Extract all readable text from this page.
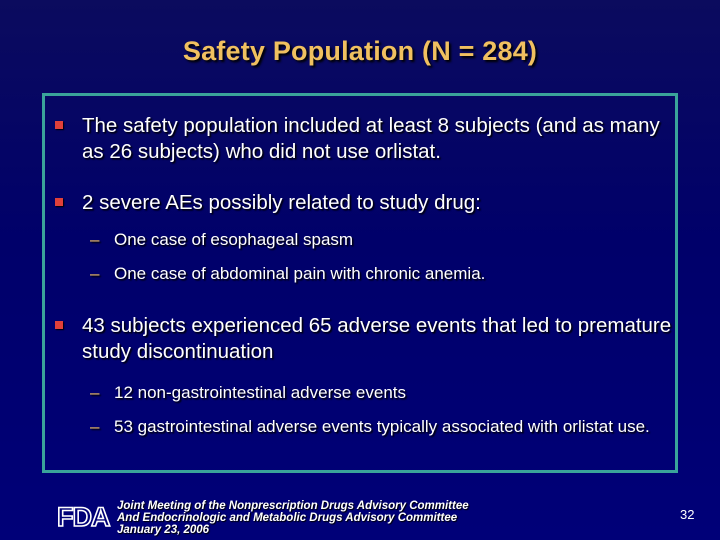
Safety Population (N = 284)
The safety population included at least 8 subjects (and as many as 26 subjects) who did not use orlistat.
2 severe AEs possibly related to study drug:
– One case of esophageal spasm
– One case of abdominal pain with chronic anemia.
43 subjects experienced 65 adverse events that led to premature study discontinuation
– 12 non-gastrointestinal adverse events
– 53 gastrointestinal adverse events typically associated with orlistat use.
FDA Joint Meeting of the Nonprescription Drugs Advisory Committee
And Endocrinologic and Metabolic Drugs Advisory Committee
January 23, 2006
32
